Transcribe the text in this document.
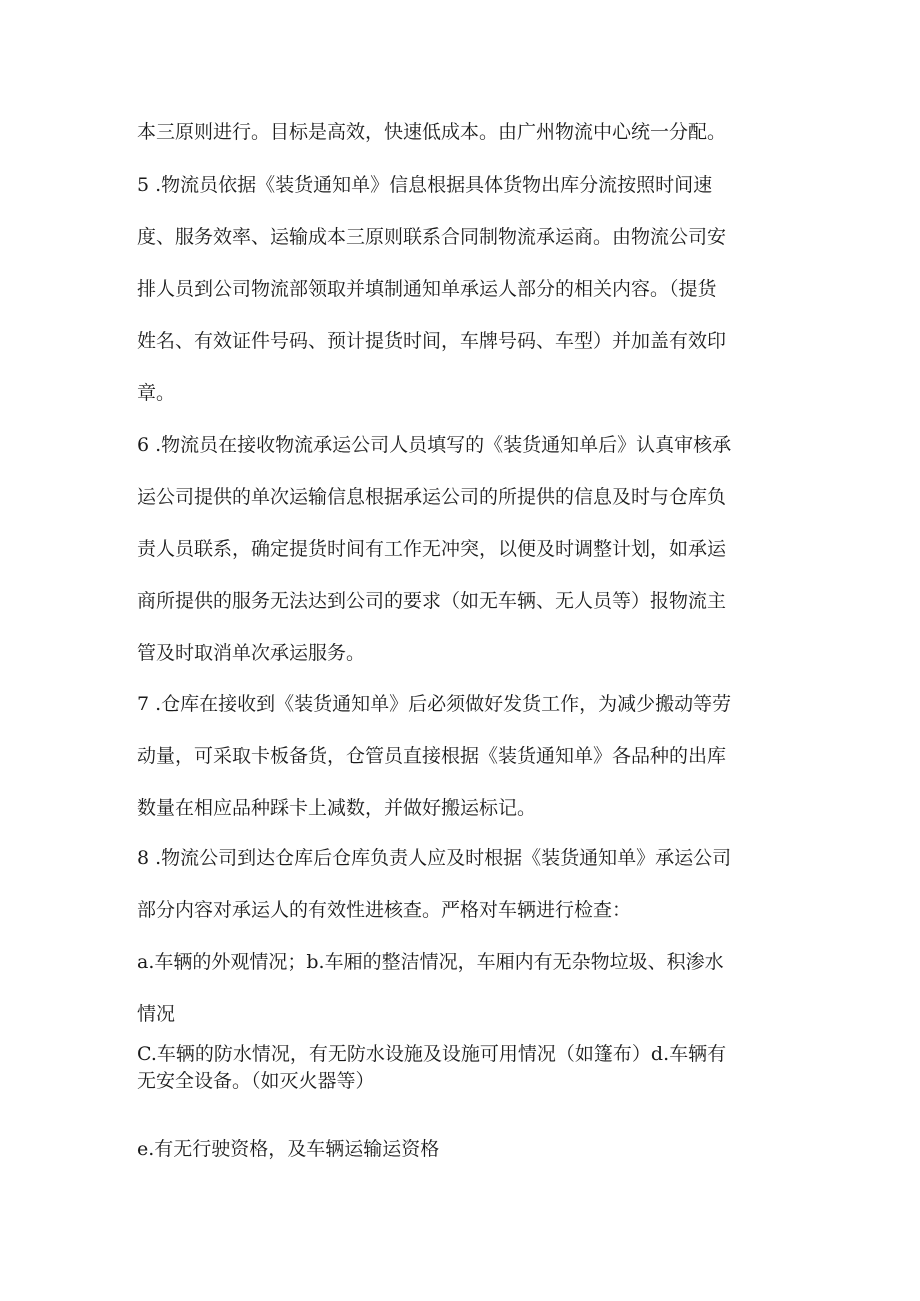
本三原则进行。目标是高效，快速低成本。由广州物流中心统一分配。

5 .物流员依据《装货通知单》信息根据具体货物出库分流按照时间速
度、服务效率、运输成本三原则联系合同制物流承运商。由物流公司安
排人员到公司物流部领取并填制通知单承运人部分的相关内容。（提货
姓名、有效证件号码、预计提货时间，车牌号码、车型）并加盖有效印
章。

6 .物流员在接收物流承运公司人员填写的《装货通知单后》认真审核承
运公司提供的单次运输信息根据承运公司的所提供的信息及时与仓库负
责人员联系，确定提货时间有工作无冲突，以便及时调整计划，如承运
商所提供的服务无法达到公司的要求（如无车辆、无人员等）报物流主
管及时取消单次承运服务。

7 .仓库在接收到《装货通知单》后必须做好发货工作，为减少搬动等劳
动量，可采取卡板备货，仓管员直接根据《装货通知单》各品种的出库
数量在相应品种踩卡上减数，并做好搬运标记。

8 .物流公司到达仓库后仓库负责人应及时根据《装货通知单》承运公司
部分内容对承运人的有效性进核查。严格对车辆进行检查：

a.车辆的外观情况；b.车厢的整洁情况，车厢内有无杂物垃圾、积渗水
情况

C.车辆的防水情况，有无防水设施及设施可用情况（如篷布）d.车辆有
无安全设备。（如灭火器等）

e.有无行驶资格，及车辆运输运资格
